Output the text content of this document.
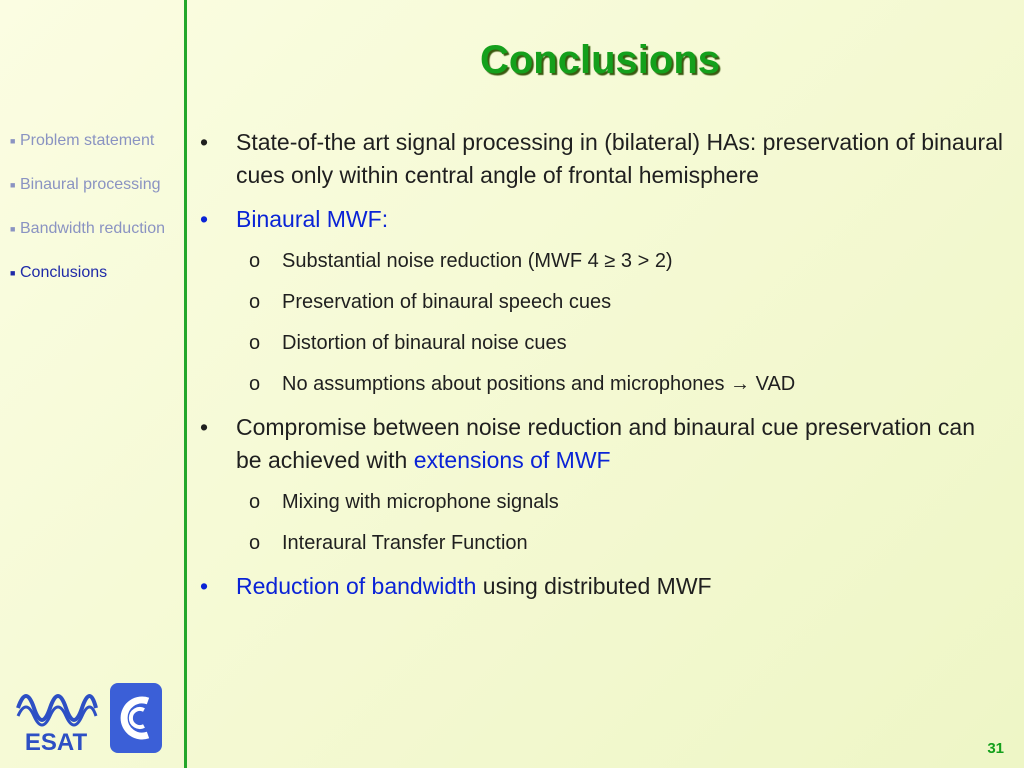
Conclusions
■ Problem statement
■ Binaural processing
■ Bandwidth reduction
■ Conclusions
• State-of-the art signal processing in (bilateral) HAs: preservation of binaural cues only within central angle of frontal hemisphere
• Binaural MWF:
o Substantial noise reduction (MWF 4 ≥ 3 > 2)
o Preservation of binaural speech cues
o Distortion of binaural noise cues
o No assumptions about positions and microphones → VAD
• Compromise between noise reduction and binaural cue preservation can be achieved with extensions of MWF
o Mixing with microphone signals
o Interaural Transfer Function
• Reduction of bandwidth using distributed MWF
ESAT	31
